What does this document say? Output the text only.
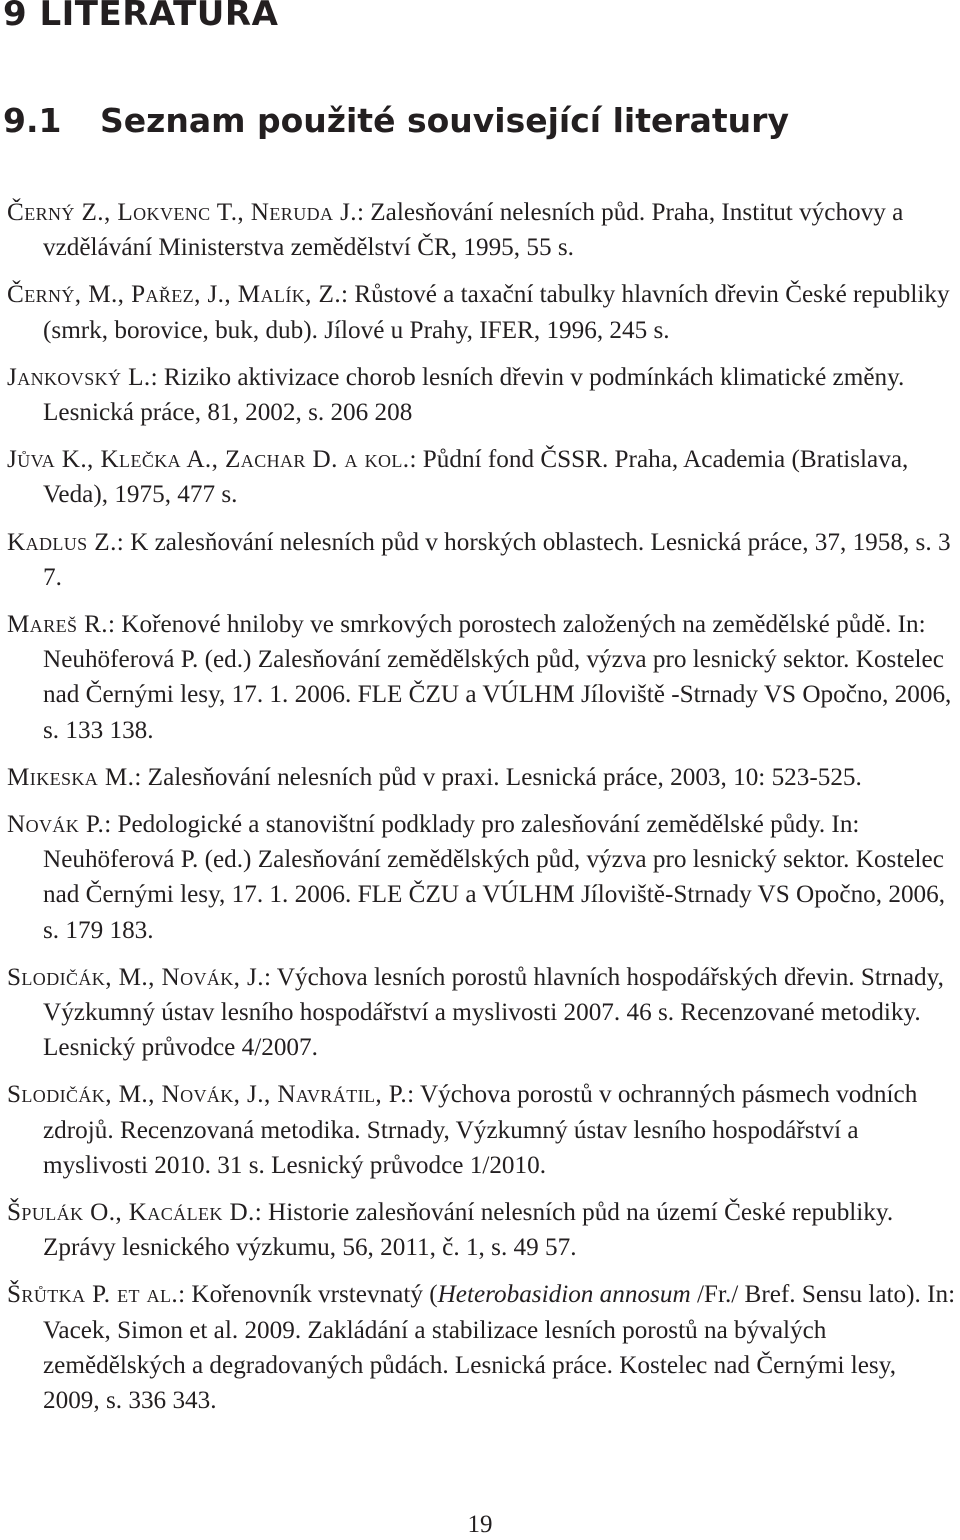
9 LITERATURA
9.1 Seznam použité související literatury

Černý Z., Lokvenc T., Neruda J.: Zalesňování nelesních půd. Praha, Institut výchovy a vzdělávání Ministerstva zemědělství ČR, 1995, 55 s.

Černý, M., Pařez, J., Malík, Z.: Růstové a taxační tabulky hlavních dřevin České republiky (smrk, borovice, buk, dub). Jílové u Prahy, IFER, 1996, 245 s.

Jankovský L.: Riziko aktivizace chorob lesních dřevin v podmínkách klimatické změny. Lesnická práce, 81, 2002, s. 206 208

Jůva K., Klečka A., Zachar D. a kol.: Půdní fond ČSSR. Praha, Academia (Bratislava, Veda), 1975, 477 s.

Kadlus Z.: K zalesňování nelesních půd v horských oblastech. Lesnická práce, 37, 1958, s. 3 7.

Mareš R.: Kořenové hniloby ve smrkových porostech založených na zemědělské půdě. In: Neuhöferová P. (ed.) Zalesňování zemědělských půd, výzva pro lesnický sektor. Kostelec nad Černými lesy, 17. 1. 2006. FLE ČZU a VÚLHM Jíloviště -Strnady VS Opočno, 2006, s. 133 138.

Mikeska M.: Zalesňování nelesních půd v praxi. Lesnická práce, 2003, 10: 523-525.

Novák P.: Pedologické a stanovištní podklady pro zalesňování zemědělské půdy. In: Neuhöferová P. (ed.) Zalesňování zemědělských půd, výzva pro lesnický sektor. Kostelec nad Černými lesy, 17. 1. 2006. FLE ČZU a VÚLHM Jíloviště-Strnady VS Opočno, 2006, s. 179 183.

Slodičák, M., Novák, J.: Výchova lesních porostů hlavních hospodářských dřevin. Strnady, Výzkumný ústav lesního hospodářství a myslivosti 2007. 46 s. Recenzované metodiky. Lesnický průvodce 4/2007.

Slodičák, M., Novák, J., Navrátil, P.: Výchova porostů v ochranných pásmech vodních zdrojů. Recenzovaná metodika. Strnady, Výzkumný ústav lesního hospodářství a myslivosti 2010. 31 s. Lesnický průvodce 1/2010.

Špulák O., Kacálek D.: Historie zalesňování nelesních půd na území České republiky. Zprávy lesnického výzkumu, 56, 2011, č. 1, s. 49 57.

Šrůtka P. et al.: Kořenovník vrstevnatý (Heterobasidion annosum /Fr./ Bref. Sensu lato). In: Vacek, Simon et al. 2009. Zakládání a stabilizace lesních porostů na bývalých zemědělských a degradovaných půdách. Lesnická práce. Kostelec nad Černými lesy, 2009, s. 336 343.

19
